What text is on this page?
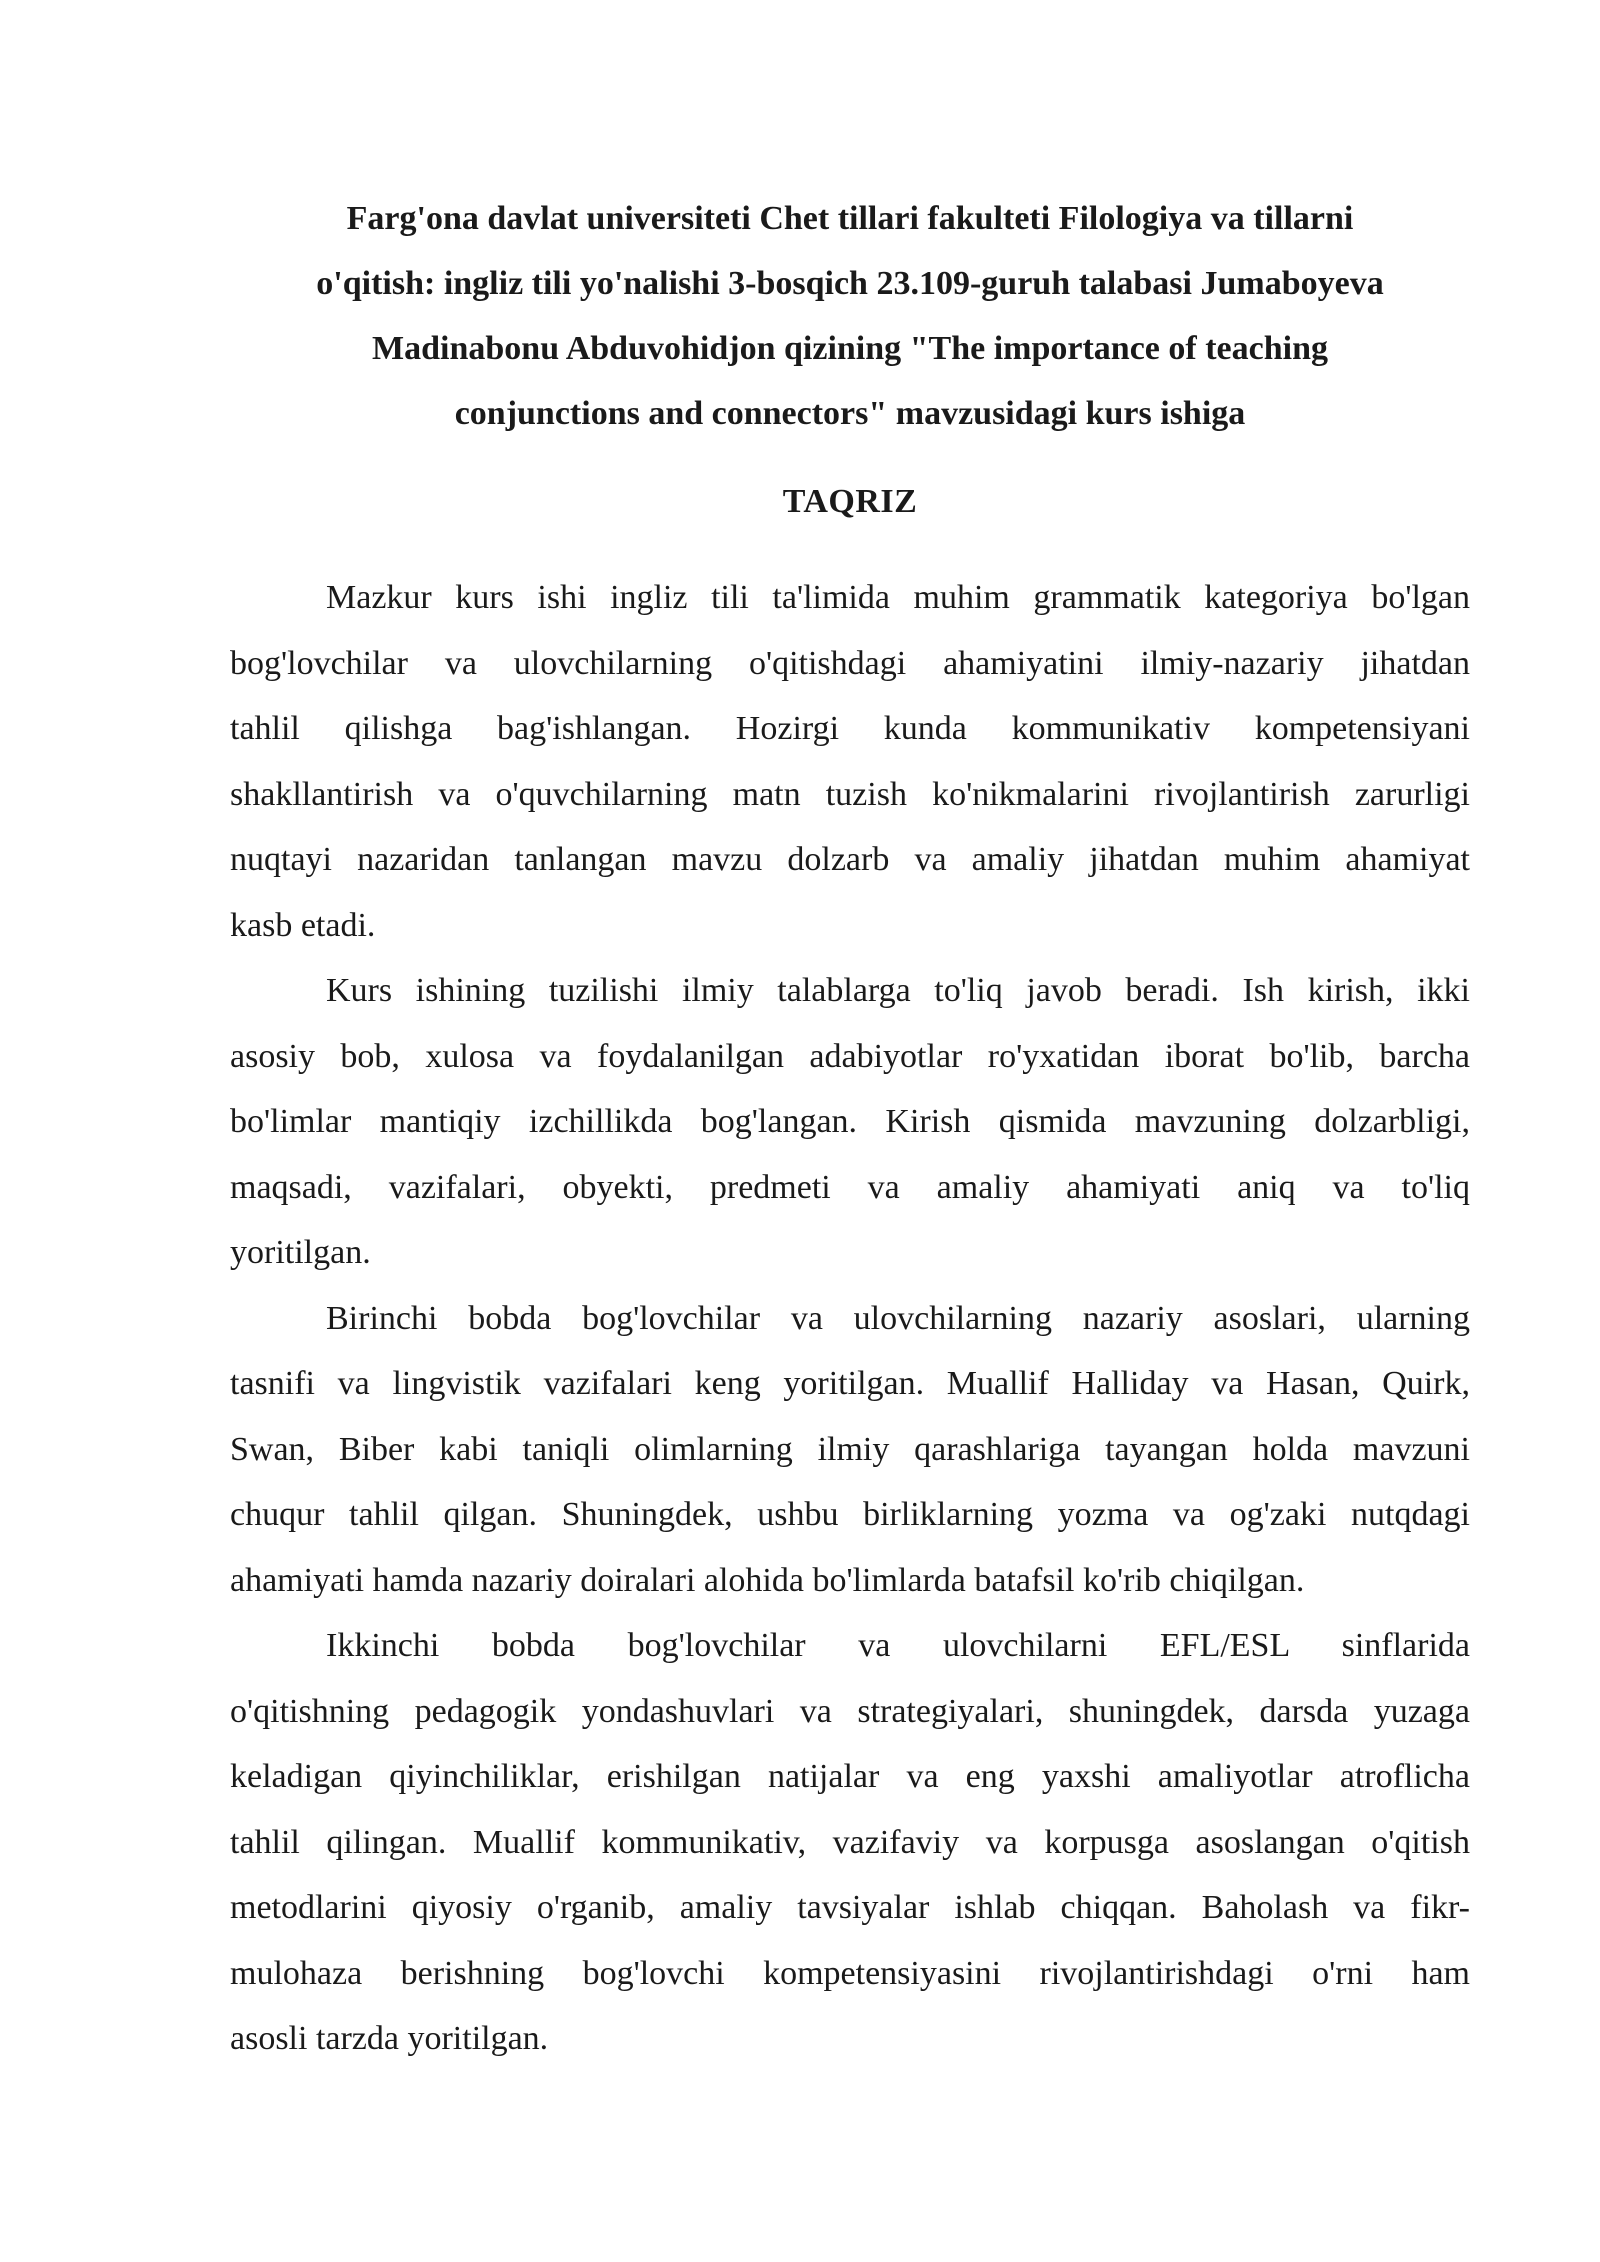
Farg'ona davlat universiteti Chet tillari fakulteti Filologiya va tillarni
o'qitish: ingliz tili yo'nalishi 3-bosqich 23.109-guruh talabasi Jumaboyeva
Madinabonu Abduvohidjon qizining "The importance of teaching
conjunctions and connectors" mavzusidagi kurs ishiga
TAQRIZ
Mazkur kurs ishi ingliz tili ta'limida muhim grammatik kategoriya bo'lgan
bog'lovchilar va ulovchilarning o'qitishdagi ahamiyatini ilmiy-nazariy jihatdan
tahlil qilishga bag'ishlangan. Hozirgi kunda kommunikativ kompetensiyani
shakllantirish va o'quvchilarning matn tuzish ko'nikmalarini rivojlantirish zarurligi
nuqtayi nazaridan tanlangan mavzu dolzarb va amaliy jihatdan muhim ahamiyat
kasb etadi.
Kurs ishining tuzilishi ilmiy talablarga to'liq javob beradi. Ish kirish, ikki
asosiy bob, xulosa va foydalanilgan adabiyotlar ro'yxatidan iborat bo'lib, barcha
bo'limlar mantiqiy izchillikda bog'langan. Kirish qismida mavzuning dolzarbligi,
maqsadi, vazifalari, obyekti, predmeti va amaliy ahamiyati aniq va to'liq
yoritilgan.
Birinchi bobda bog'lovchilar va ulovchilarning nazariy asoslari, ularning
tasnifi va lingvistik vazifalari keng yoritilgan. Muallif Halliday va Hasan, Quirk,
Swan, Biber kabi taniqli olimlarning ilmiy qarashlariga tayangan holda mavzuni
chuqur tahlil qilgan. Shuningdek, ushbu birliklarning yozma va og'zaki nutqdagi
ahamiyati hamda nazariy doiralari alohida bo'limlarda batafsil ko'rib chiqilgan.
Ikkinchi bobda bog'lovchilar va ulovchilarni EFL/ESL sinflarida
o'qitishning pedagogik yondashuvlari va strategiyalari, shuningdek, darsda yuzaga
keladigan qiyinchiliklar, erishilgan natijalar va eng yaxshi amaliyotlar atroflicha
tahlil qilingan. Muallif kommunikativ, vazifaviy va korpusga asoslangan o'qitish
metodlarini qiyosiy o'rganib, amaliy tavsiyalar ishlab chiqqan. Baholash va fikr-
mulohaza berishning bog'lovchi kompetensiyasini rivojlantirishdagi o'rni ham
asosli tarzda yoritilgan.
